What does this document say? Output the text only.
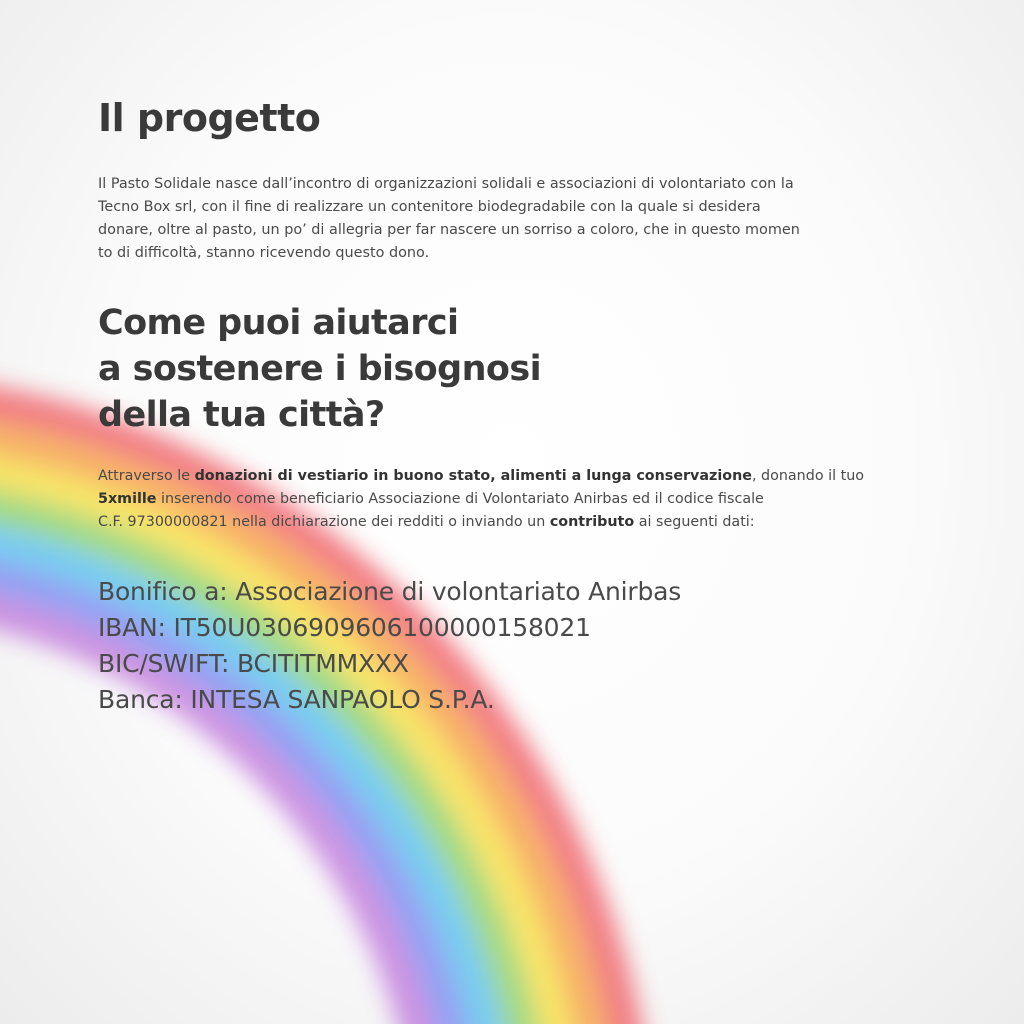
Il progetto

Il Pasto Solidale nasce dall’incontro di organizzazioni solidali e associazioni di volontariato con la
Tecno Box srl, con il fine di realizzare un contenitore biodegradabile con la quale si desidera
donare, oltre al pasto, un po’ di allegria per far nascere un sorriso a coloro, che in questo momen
to di difficoltà, stanno ricevendo questo dono.

Come puoi aiutarci
a sostenere i bisognosi
della tua città?

Attraverso le donazioni di vestiario in buono stato, alimenti a lunga conservazione, donando il tuo
5xmille inserendo come beneficiario Associazione di Volontariato Anirbas ed il codice fiscale
C.F. 97300000821 nella dichiarazione dei redditi o inviando un contributo ai seguenti dati:

Bonifico a: Associazione di volontariato Anirbas
IBAN: IT50U0306909606100000158021
BIC/SWIFT: BCITITMMXXX
Banca: INTESA SANPAOLO S.P.A.
